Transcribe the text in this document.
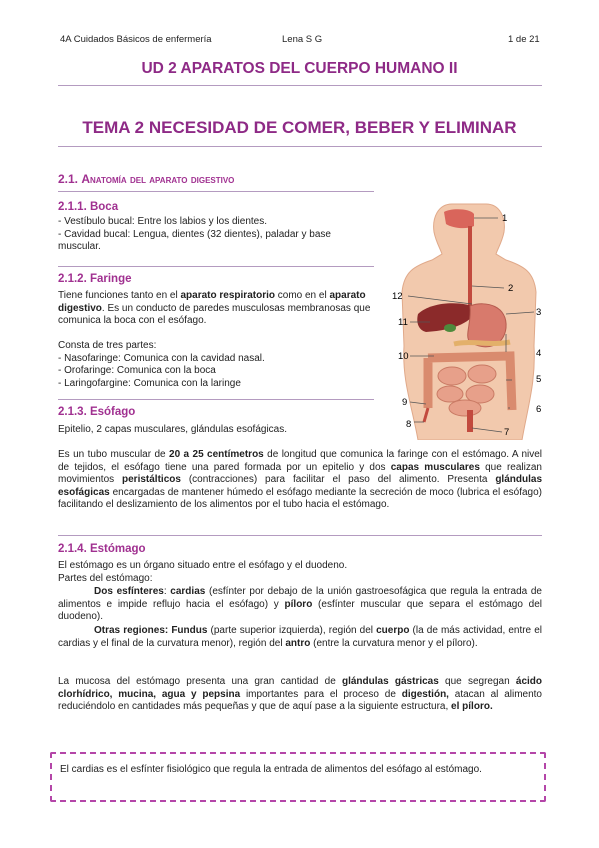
4A Cuidados Básicos de enfermería	Lena S G	1 de 21
UD 2 APARATOS DEL CUERPO HUMANO II
TEMA 2 NECESIDAD DE COMER, BEBER Y ELIMINAR
2.1. Anatomía del aparato digestivo
2.1.1. Boca
- Vestíbulo bucal: Entre los labios y los dientes.
- Cavidad bucal: Lengua, dientes (32 dientes), paladar y base muscular.
2.1.2. Faringe
Tiene funciones tanto en el aparato respiratorio como en el aparato digestivo. Es un conducto de paredes musculosas membranosas que comunica la boca con el esófago.
Consta de tres partes:
- Nasofaringe: Comunica con la cavidad nasal.
- Orofaringe: Comunica con la boca
- Laringofargine: Comunica con la laringe
2.1.3. Esófago
Epitelio, 2 capas musculares, glándulas esofágicas.
Es un tubo muscular de 20 a 25 centímetros de longitud que comunica la faringe con el estómago. A nivel de tejidos, el esófago tiene una pared formada por un epitelio y dos capas musculares que realizan movimientos peristálticos (contracciones) para facilitar el paso del alimento. Presenta glándulas esofágicas encargadas de mantener húmedo el esófago mediante la secreción de moco (lubrica el esófago) facilitando el deslizamiento de los alimentos por el tubo hacia el estómago.
2.1.4. Estómago
El estómago es un órgano situado entre el esófago y el duodeno.
Partes del estómago:
Dos esfínteres: cardias (esfínter por debajo de la unión gastroesofágica que regula la entrada de alimentos e impide reflujo hacia el esófago) y píloro (esfínter muscular que separa el estómago del duodeno).
Otras regiones: Fundus (parte superior izquierda), región del cuerpo (la de más actividad, entre el cardias y el final de la curvatura menor), región del antro (entre la curvatura menor y el píloro).
La mucosa del estómago presenta una gran cantidad de glándulas gástricas que segregan ácido clorhídrico, mucina, agua y pepsina importantes para el proceso de digestión, atacan al alimento reduciéndolo en cantidades más pequeñas y que de aquí pase a la siguiente estructura, el píloro.
El cardias es el esfínter fisiológico que regula la entrada de alimentos del esófago al estómago.
1
2
3
4
5
6
7
8
9
10
11
12
